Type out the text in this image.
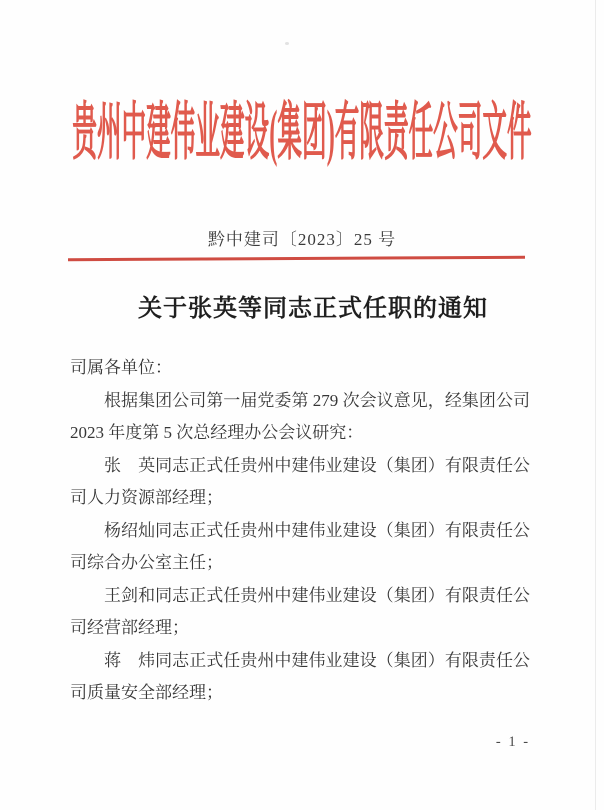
贵州中建伟业建设(集团)有限责任公司文件
黔中建司〔2023〕25 号
关于张英等同志正式任职的通知

司属各单位：

根据集团公司第一届党委第 279 次会议意见，经集团公司 2023 年度第 5 次总经理办公会议研究：

张　英同志正式任贵州中建伟业建设（集团）有限责任公司人力资源部经理；

杨绍灿同志正式任贵州中建伟业建设（集团）有限责任公司综合办公室主任；

王剑和同志正式任贵州中建伟业建设（集团）有限责任公司经营部经理；

蒋　炜同志正式任贵州中建伟业建设（集团）有限责任公司质量安全部经理；

- 1 -
